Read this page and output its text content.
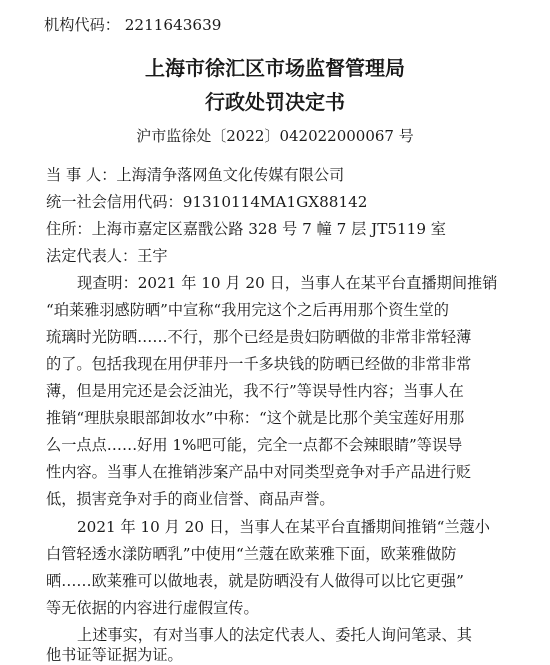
机构代码： 2211643639
上海市徐汇区市场监督管理局
行政处罚决定书
沪市监徐处〔2022〕042022000067 号
当 事 人：上海清争落网鱼文化传媒有限公司
统一社会信用代码：91310114MA1GX88142
住所：上海市嘉定区嘉戬公路 328 号 7 幢 7 层 JT5119 室
法定代表人：王宇
现查明：2021 年 10 月 20 日，当事人在某平台直播期间推销
“珀莱雅羽感防晒”中宣称“我用完这个之后再用那个资生堂的
琉璃时光防晒……不行，那个已经是贵妇防晒做的非常非常轻薄
的了。包括我现在用伊菲丹一千多块钱的防晒已经做的非常非常
薄，但是用完还是会泛油光，我不行”等误导性内容；当事人在
推销“理肤泉眼部卸妆水”中称：“这个就是比那个美宝莲好用那
么一点点……好用 1%吧可能，完全一点都不会辣眼睛”等误导
性内容。当事人在推销涉案产品中对同类型竞争对手产品进行贬
低，损害竞争对手的商业信誉、商品声誉。
2021 年 10 月 20 日，当事人在某平台直播期间推销“兰蔻小
白管轻透水漾防晒乳”中使用“兰蔻在欧莱雅下面，欧莱雅做防
晒……欧莱雅可以做地表，就是防晒没有人做得可以比它更强”
等无依据的内容进行虚假宣传。
上述事实，有对当事人的法定代表人、委托人询问笔录、其
他书证等证据为证。
